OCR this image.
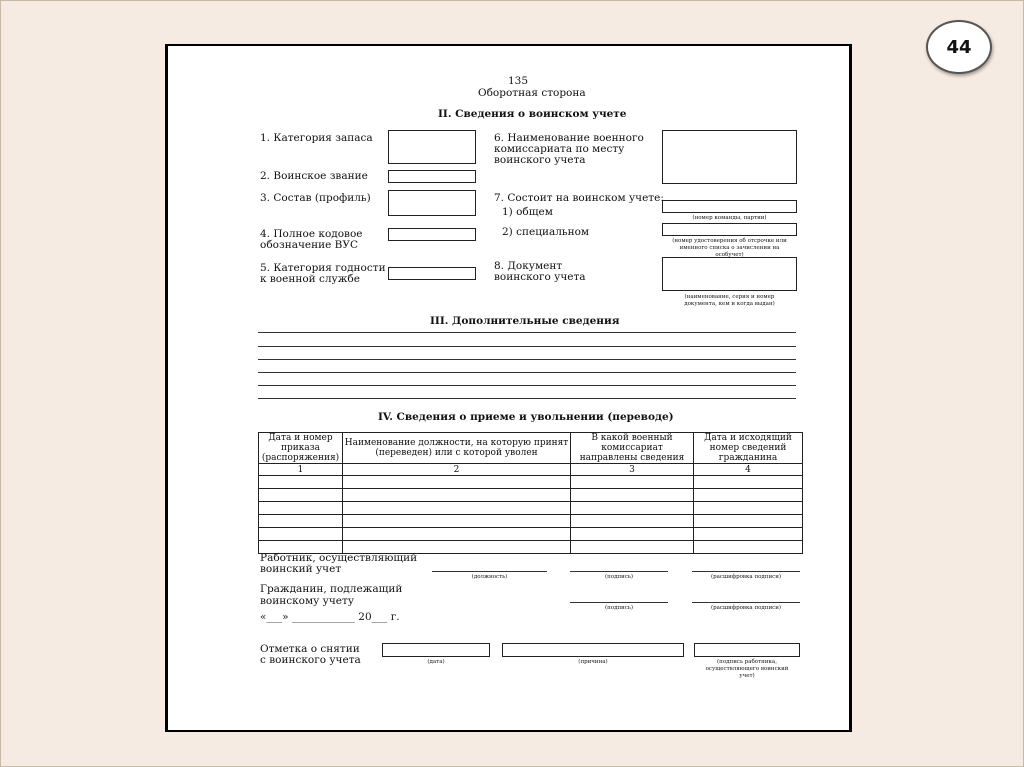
44
135
Оборотная сторона
II. Сведения о воинском учете
1. Категория запаса
2. Воинское звание
3. Состав (профиль)
4. Полное кодовое
обозначение ВУС
5. Категория годности
к военной службе
6. Наименование военного
комиссариата по месту
воинского учета
7. Состоит на воинском учете:
1) общем	(номер команды, партии)
2) специальном
(номер удостоверения об отсрочке или
именного списка о зачислении на
особучет)
8. Документ
воинского учета
(наименование, серия и номер
документа, кем и когда выдан)
III. Дополнительные сведения
IV. Сведения о приеме и увольнении (переводе)
Дата и номер приказа (распоряжения)	Наименование должности, на которую принят (переведен) или с которой уволен	В какой военный комиссариат направлены сведения	Дата и исходящий номер сведений гражданина
1	2	3	4

Работник, осуществляющий
воинский учет
(должность)	(подпись)	(расшифровка подписи)
Гражданин, подлежащий
воинскому учету
(подпись)	(расшифровка подписи)
«___» ____________ 20___ г.
Отметка о снятии
с воинского учета	(дата)	(причина)	(подпись работника,
осуществляющего воинский
учет)
